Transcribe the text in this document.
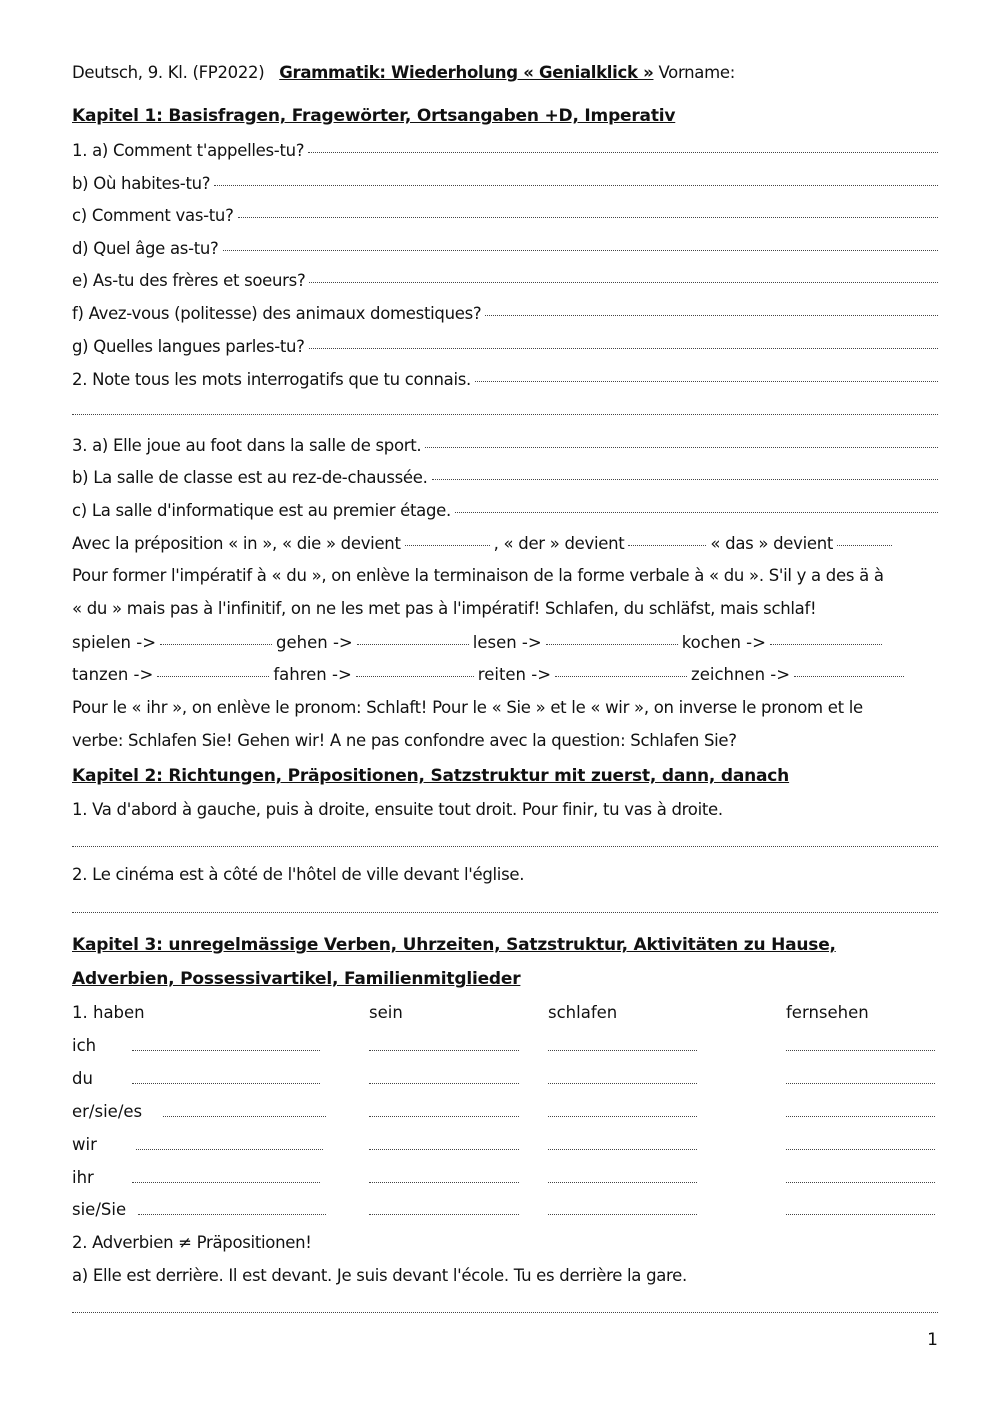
Deutsch, 9. Kl. (FP2022) Grammatik: Wiederholung « Genialklick » Vorname:
Kapitel 1: Basisfragen, Fragewörter, Ortsangaben +D, Imperativ
1. a) Comment t'appelles-tu?
b) Où habites-tu?
c) Comment vas-tu?
d) Quel âge as-tu?
e) As-tu des frères et soeurs?
f) Avez-vous (politesse) des animaux domestiques?
g) Quelles langues parles-tu?
2. Note tous les mots interrogatifs que tu connais.
3. a) Elle joue au foot dans la salle de sport.
b) La salle de classe est au rez-de-chaussée.
c) La salle d'informatique est au premier étage.
Avec la préposition « in », « die » devient	, « der » devient	« das » devient
Pour former l'impératif à « du », on enlève la terminaison de la forme verbale à « du ». S'il y a des ä à
« du » mais pas à l'infinitif, on ne les met pas à l'impératif! Schlafen, du schläfst, mais schlaf!
spielen ->	gehen ->	lesen ->	kochen ->
tanzen ->	fahren ->	reiten ->	zeichnen ->
Pour le « ihr », on enlève le pronom: Schlaft! Pour le « Sie » et le « wir », on inverse le pronom et le
verbe: Schlafen Sie! Gehen wir! A ne pas confondre avec la question: Schlafen Sie?
Kapitel 2: Richtungen, Präpositionen, Satzstruktur mit zuerst, dann, danach
1. Va d'abord à gauche, puis à droite, ensuite tout droit. Pour finir, tu vas à droite.
2. Le cinéma est à côté de l'hôtel de ville devant l'église.
Kapitel 3: unregelmässige Verben, Uhrzeiten, Satzstruktur, Aktivitäten zu Hause,
Adverbien, Possessivartikel, Familienmitglieder
1. haben	sein	schlafen	fernsehen
ich
du
er/sie/es
wir
ihr
sie/Sie
2. Adverbien ≠ Präpositionen!
a) Elle est derrière. Il est devant. Je suis devant l'école. Tu es derrière la gare.
1
